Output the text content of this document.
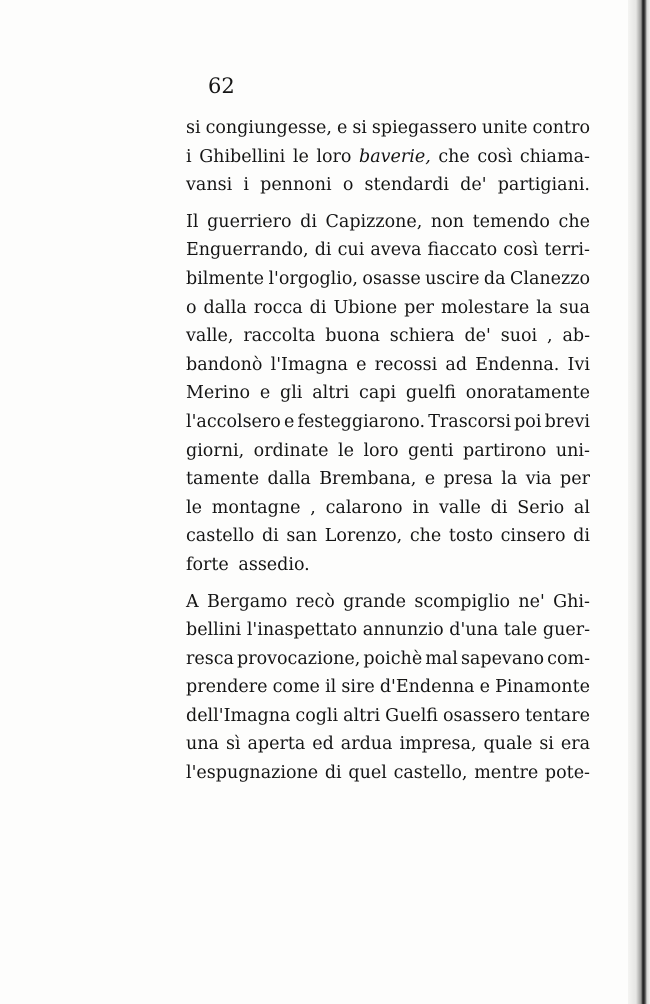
62
si congiungesse, e si spiegassero unite contro
i Ghibellini le loro baverie, che così chiama-
vansi i pennoni o stendardi de' partigiani.
Il guerriero di Capizzone, non temendo che
Enguerrando, di cui aveva fiaccato così terri-
bilmente l'orgoglio, osasse uscire da Clanezzo
o dalla rocca di Ubione per molestare la sua
valle, raccolta buona schiera de' suoi , ab-
bandonò l'Imagna e recossi ad Endenna. Ivi
Merino e gli altri capi guelfi onoratamente
l'accolsero e festeggiarono. Trascorsi poi brevi
giorni, ordinate le loro genti partirono uni-
tamente dalla Brembana, e presa la via per
le montagne , calarono in valle di Serio al
castello di san Lorenzo, che tosto cinsero di
forte assedio.
A Bergamo recò grande scompiglio ne' Ghi-
bellini l'inaspettato annunzio d'una tale guer-
resca provocazione, poichè mal sapevano com-
prendere come il sire d'Endenna e Pinamonte
dell'Imagna cogli altri Guelfi osassero tentare
una sì aperta ed ardua impresa, quale si era
l'espugnazione di quel castello, mentre pote-
